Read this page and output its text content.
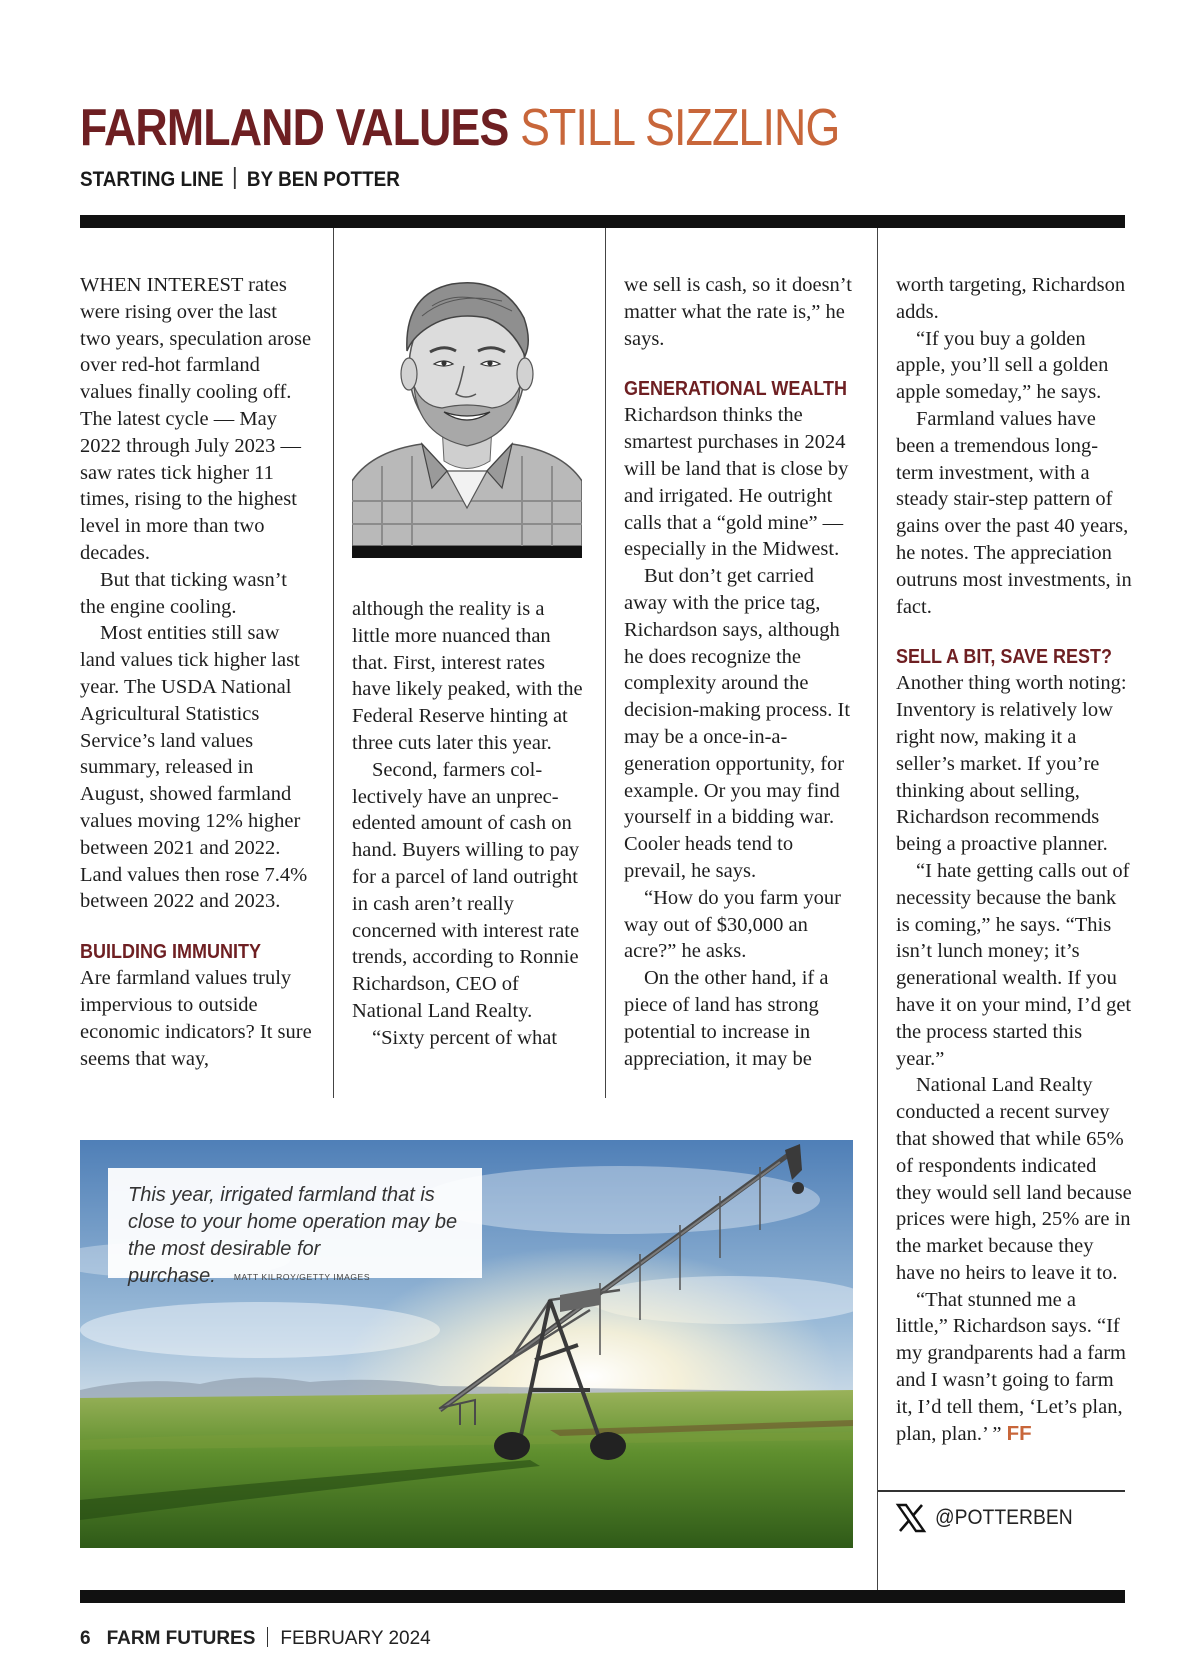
FARMLAND VALUES STILL SIZZLING
STARTING LINE BY BEN POTTER

WHEN INTEREST rates were rising over the last two years, speculation arose over red-hot farmland values finally cooling off. The latest cycle — May 2022 through July 2023 — saw rates tick higher 11 times, rising to the highest level in more than two decades.

But that ticking wasn’t the engine cooling.

Most entities still saw land values tick higher last year. The USDA National Agricultural Statistics Service’s land values summary, released in August, showed farmland values moving 12% higher between 2021 and 2022. Land values then rose 7.4% between 2022 and 2023.

BUILDING IMMUNITY

Are farmland values truly impervious to outside economic indicators? It sure seems that way,

although the reality is a little more nuanced than that. First, interest rates have likely peaked, with the Federal Reserve hinting at three cuts later this year.

Second, farmers collectively have an unprecedented amount of cash on hand. Buyers willing to pay for a parcel of land outright in cash aren’t really concerned with interest rate trends, according to Ronnie Richardson, CEO of National Land Realty.

“Sixty percent of what

we sell is cash, so it doesn’t matter what the rate is,” he says.

GENERATIONAL WEALTH

Richardson thinks the smartest purchases in 2024 will be land that is close by and irrigated. He outright calls that a “gold mine” — especially in the Midwest.

But don’t get carried away with the price tag, Richardson says, although he does recognize the complexity around the decision-making process. It may be a once-in-a-generation opportunity, for example. Or you may find yourself in a bidding war. Cooler heads tend to prevail, he says.

“How do you farm your way out of $30,000 an acre?” he asks.

On the other hand, if a piece of land has strong potential to increase in appreciation, it may be

worth targeting, Richardson adds.

“If you buy a golden apple, you’ll sell a golden apple someday,” he says.

Farmland values have been a tremendous long-term investment, with a steady stair-step pattern of gains over the past 40 years, he notes. The appreciation outruns most investments, in fact.

SELL A BIT, SAVE REST?

Another thing worth noting: Inventory is relatively low right now, making it a seller’s market. If you’re thinking about selling, Richardson recommends being a proactive planner.

“I hate getting calls out of necessity because the bank is coming,” he says. “This isn’t lunch money; it’s generational wealth. If you have it on your mind, I’d get the process started this year.”

National Land Realty conducted a recent survey that showed that while 65% of respondents indicated they would sell land because prices were high, 25% are in the market because they have no heirs to leave it to.

“That stunned me a little,” Richardson says. “If my grandparents had a farm and I wasn’t going to farm it, I’d tell them, ‘Let’s plan, plan, plan.’ ” FF

This year, irrigated farmland that is close to your home operation may be the most desirable for purchase. MATT KILROY/GETTY IMAGES
@POTTERBEN
6 FARM FUTURES FEBRUARY 2024
